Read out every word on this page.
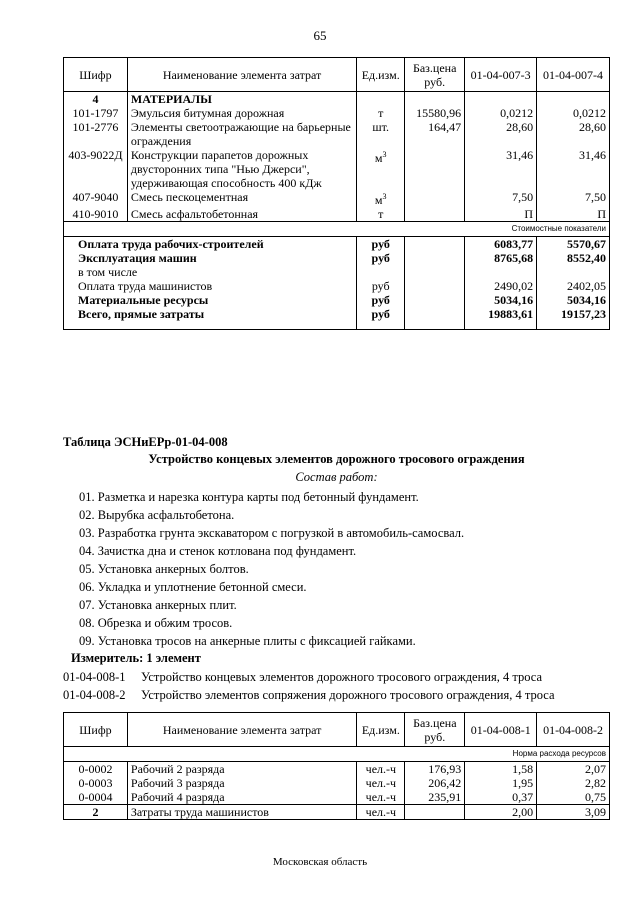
65
Шифр	Наименование элемента затрат	Ед.изм.	Баз.цена руб.	01-04-007-3	01-04-007-4
4	МАТЕРИАЛЫ				
101-1797	Эмульсия битумная дорожная	т	15580,96	0,0212	0,0212
101-2776	Элементы светоотражающие на барьерные ограждения	шт.	164,47	28,60	28,60
403-9022Д	Конструкции парапетов дорожных двусторонних типа "Нью Джерси", удерживающая способность 400 кДж	$м^3$		31,46	31,46
407-9040	Смесь пескоцементная	$м^3$		7,50	7,50
410-9010	Смесь асфальтобетонная	т		П	П
Стоимостные показатели					
Оплата труда рабочих-строителей		руб		6083,77	5570,67
Эксплуатация машин		руб		8765,68	8552,40
в том числе					
Оплата труда машинистов		руб		2490,02	2402,05
Материальные ресурсы		руб		5034,16	5034,16
Всего, прямые затраты		руб		19883,61	19157,23
Таблица ЭСНиЕРр-01-04-008
Устройство концевых элементов дорожного тросового ограждения
Состав работ:
01. Разметка и нарезка контура карты под бетонный фундамент.
02. Вырубка асфальтобетона.
03. Разработка грунта экскаватором с погрузкой в автомобиль-самосвал.
04. Зачистка дна и стенок котлована под фундамент.
05. Установка анкерных болтов.
06. Укладка и уплотнение бетонной смеси.
07. Установка анкерных плит.
08. Обрезка и обжим тросов.
09. Установка тросов на анкерные плиты с фиксацией гайками.
Измеритель: 1 элемент
01-04-008-1 Устройство концевых элементов дорожного тросового ограждения, 4 троса
01-04-008-2 Устройство элементов сопряжения дорожного тросового ограждения, 4 троса
Шифр	Наименование элемента затрат	Ед.изм.	Баз.цена руб.	01-04-008-1	01-04-008-2
Норма расхода ресурсов					
0-0002	Рабочий 2 разряда	чел.-ч	176,93	1,58	2,07
0-0003	Рабочий 3 разряда	чел.-ч	206,42	1,95	2,82
0-0004	Рабочий 4 разряда	чел.-ч	235,91	0,37	0,75
2	Затраты труда машинистов	чел.-ч		2,00	3,09
Московская область
